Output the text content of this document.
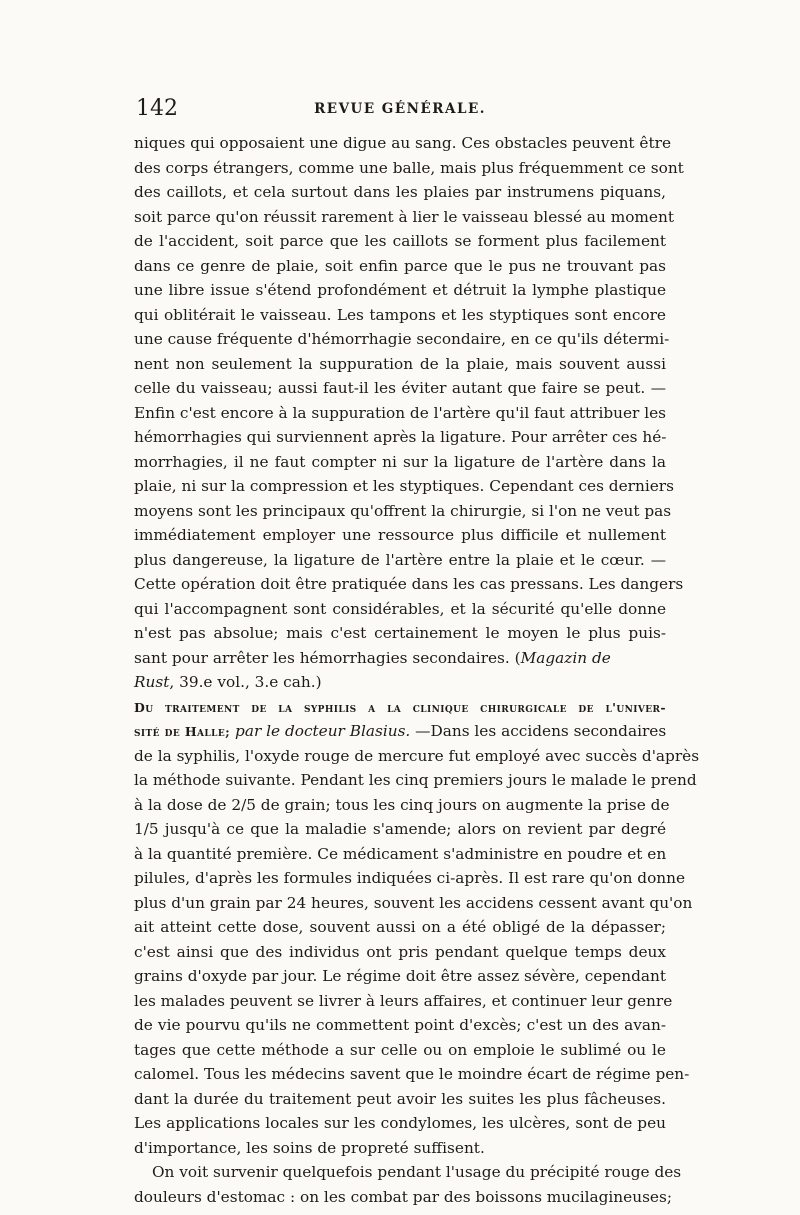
142	REVUE GÉNÉRALE.
niques qui opposaient une digue au sang. Ces obstacles peuvent être
des corps étrangers, comme une balle, mais plus fréquemment ce sont
des caillots, et cela surtout dans les plaies par instrumens piquans,
soit parce qu'on réussit rarement à lier le vaisseau blessé au moment
de l'accident, soit parce que les caillots se forment plus facilement
dans ce genre de plaie, soit enfin parce que le pus ne trouvant pas
une libre issue s'étend profondément et détruit la lymphe plastique
qui oblitérait le vaisseau. Les tampons et les styptiques sont encore
une cause fréquente d'hémorrhagie secondaire, en ce qu'ils détermi-
nent non seulement la suppuration de la plaie, mais souvent aussi
celle du vaisseau; aussi faut-il les éviter autant que faire se peut. —
Enfin c'est encore à la suppuration de l'artère qu'il faut attribuer les
hémorrhagies qui surviennent après la ligature. Pour arrêter ces hé-
morrhagies, il ne faut compter ni sur la ligature de l'artère dans la
plaie, ni sur la compression et les styptiques. Cependant ces derniers
moyens sont les principaux qu'offrent la chirurgie, si l'on ne veut pas
immédiatement employer une ressource plus difficile et nullement
plus dangereuse, la ligature de l'artère entre la plaie et le cœur. —
Cette opération doit être pratiquée dans les cas pressans. Les dangers
qui l'accompagnent sont considérables, et la sécurité qu'elle donne
n'est pas absolue; mais c'est certainement le moyen le plus puis-
sant pour arrêter les hémorrhagies secondaires. (Magazin de
Rust, 39.e vol., 3.e cah.)
Du traitement de la syphilis a la clinique chirurgicale de l'univer-
sité de Halle; par le docteur Blasius. —Dans les accidens secondaires
de la syphilis, l'oxyde rouge de mercure fut employé avec succès d'après
la méthode suivante. Pendant les cinq premiers jours le malade le prend
à la dose de 2/5 de grain; tous les cinq jours on augmente la prise de
1/5 jusqu'à ce que la maladie s'amende; alors on revient par degré
à la quantité première. Ce médicament s'administre en poudre et en
pilules, d'après les formules indiquées ci-après. Il est rare qu'on donne
plus d'un grain par 24 heures, souvent les accidens cessent avant qu'on
ait atteint cette dose, souvent aussi on a été obligé de la dépasser;
c'est ainsi que des individus ont pris pendant quelque temps deux
grains d'oxyde par jour. Le régime doit être assez sévère, cependant
les malades peuvent se livrer à leurs affaires, et continuer leur genre
de vie pourvu qu'ils ne commettent point d'excès; c'est un des avan-
tages que cette méthode a sur celle ou on emploie le sublimé ou le
calomel. Tous les médecins savent que le moindre écart de régime pen-
dant la durée du traitement peut avoir les suites les plus fâcheuses.
Les applications locales sur les condylomes, les ulcères, sont de peu
d'importance, les soins de propreté suffisent.
On voit survenir quelquefois pendant l'usage du précipité rouge des
douleurs d'estomac : on les combat par des boissons mucilagineuses;
